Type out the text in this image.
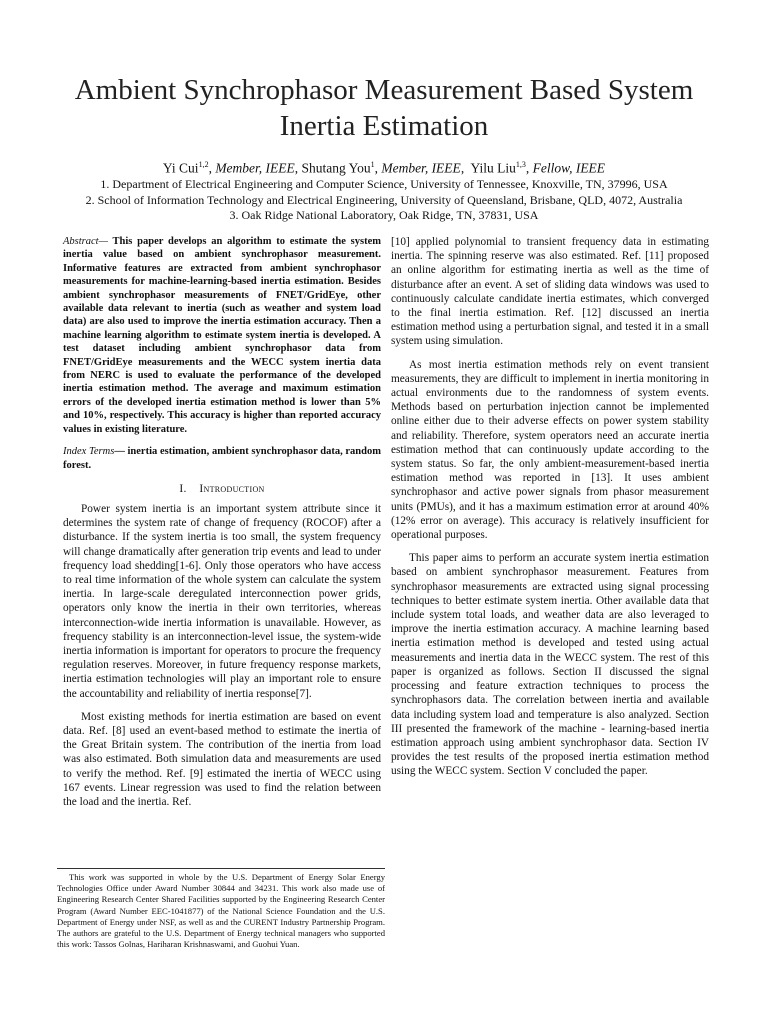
Ambient Synchrophasor Measurement Based System
Inertia Estimation
Yi Cui$^{1,2}$, Member, IEEE, Shutang You$^1$, Member, IEEE,  Yilu Liu$^{1,3}$, Fellow, IEEE
1. Department of Electrical Engineering and Computer Science, University of Tennessee, Knoxville, TN, 37996, USA
2. School of Information Technology and Electrical Engineering, University of Queensland, Brisbane, QLD, 4072, Australia
3. Oak Ridge National Laboratory, Oak Ridge, TN, 37831, USA

Abstract— This paper develops an algorithm to estimate the system inertia value based on ambient synchrophasor measurement. Informative features are extracted from ambient synchrophasor measurements for machine-learning-based inertia estimation. Besides ambient synchrophasor measurements of FNET/GridEye, other available data relevant to inertia (such as weather and system load data) are also used to improve the inertia estimation accuracy. Then a machine learning algorithm to estimate system inertia is developed. A test dataset including ambient synchrophasor data from FNET/GridEye measurements and the WECC system inertia data from NERC is used to evaluate the performance of the developed inertia estimation method. The average and maximum estimation errors of the developed inertia estimation method is lower than 5% and 10%, respectively. This accuracy is higher than reported accuracy values in existing literature.

Index Terms— inertia estimation, ambient synchrophasor data, random forest.

I. Introduction

Power system inertia is an important system attribute since it determines the system rate of change of frequency (ROCOF) after a disturbance. If the system inertia is too small, the system frequency will change dramatically after generation trip events and lead to under frequency load shedding[1-6]. Only those operators who have access to real time information of the whole system can calculate the system inertia. In large-scale deregulated interconnection power grids, operators only know the inertia in their own territories, whereas interconnection-wide inertia information is unavailable. However, as frequency stability is an interconnection-level issue, the system-wide inertia information is important for operators to procure the frequency regulation reserves. Moreover, in future frequency response markets, inertia estimation technologies will play an important role to ensure the accountability and reliability of inertia response[7].

Most existing methods for inertia estimation are based on event data. Ref. [8] used an event-based method to estimate the inertia of the Great Britain system. The contribution of the inertia from load was also estimated. Both simulation data and measurements are used to verify the method. Ref. [9] estimated the inertia of WECC using 167 events. Linear regression was used to find the relation between the load and the inertia. Ref.

[10] applied polynomial to transient frequency data in estimating inertia. The spinning reserve was also estimated. Ref. [11] proposed an online algorithm for estimating inertia as well as the time of disturbance after an event. A set of sliding data windows was used to continuously calculate candidate inertia estimates, which converged to the final inertia estimation. Ref. [12] discussed an inertia estimation method using a perturbation signal, and tested it in a small system using simulation.

As most inertia estimation methods rely on event transient measurements, they are difficult to implement in inertia monitoring in actual environments due to the randomness of system events. Methods based on perturbation injection cannot be implemented online either due to their adverse effects on power system stability and reliability. Therefore, system operators need an accurate inertia estimation method that can continuously update according to the system status. So far, the only ambient-measurement-based inertia estimation method was reported in [13]. It uses ambient synchrophasor and active power signals from phasor measurement units (PMUs), and it has a maximum estimation error at around 40% (12% error on average). This accuracy is relatively insufficient for operational purposes.

This paper aims to perform an accurate system inertia estimation based on ambient synchrophasor measurement. Features from synchrophasor measurements are extracted using signal processing techniques to better estimate system inertia. Other available data that include system total loads, and weather data are also leveraged to improve the inertia estimation accuracy. A machine learning based inertia estimation method is developed and tested using actual measurements and inertia data in the WECC system. The rest of this paper is organized as follows. Section II discussed the signal processing and feature extraction techniques to process the synchrophasors data. The correlation between inertia and available data including system load and temperature is also analyzed. Section III presented the framework of the machine - learning-based inertia estimation approach using ambient synchrophasor data. Section IV provides the test results of the proposed inertia estimation method using the WECC system. Section V concluded the paper.

This work was supported in whole by the U.S. Department of Energy Solar Energy Technologies Office under Award Number 30844 and 34231. This work also made use of Engineering Research Center Shared Facilities supported by the Engineering Research Center Program (Award Number EEC-1041877) of the National Science Foundation and the U.S. Department of Energy under NSF, as well as and the CURENT Industry Partnership Program. The authors are grateful to the U.S. Department of Energy technical managers who supported this work: Tassos Golnas, Hariharan Krishnaswami, and Guohui Yuan.
